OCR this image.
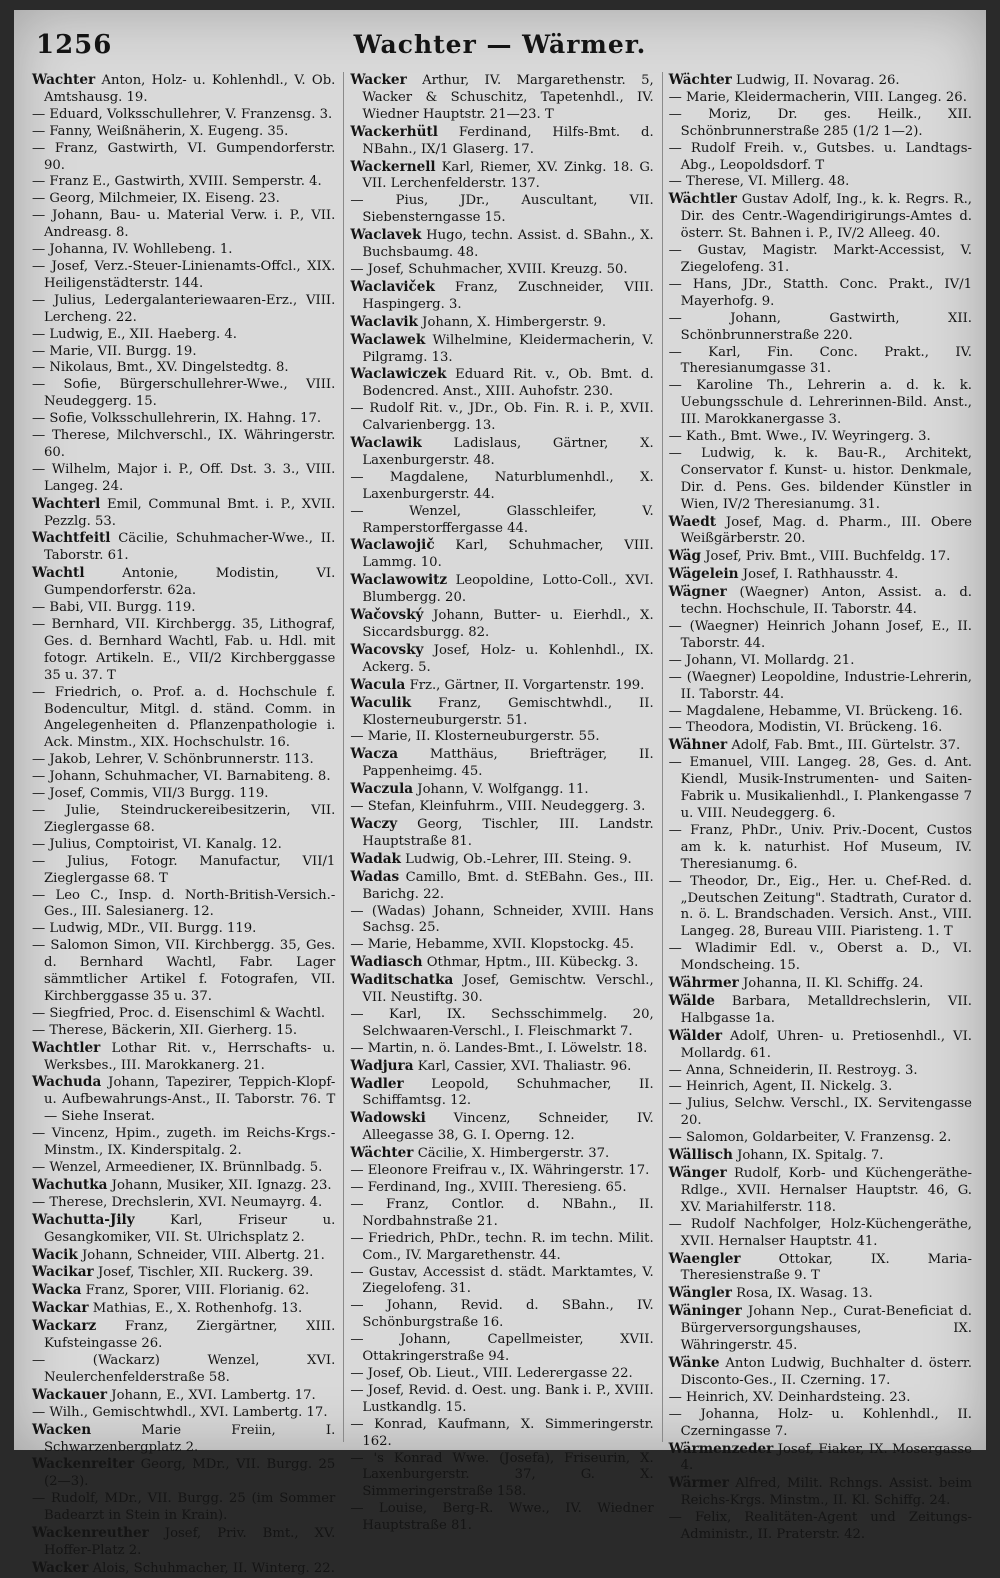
1256	Wachter — Wärmer.

Wachter Anton, Holz- u. Kohlenhdl., V. Ob. Amtshausg. 19.

— Eduard, Volksschullehrer, V. Franzensg. 3.

— Fanny, Weißnäherin, X. Eugeng. 35.

— Franz, Gastwirth, VI. Gumpendorferstr. 90.

— Franz E., Gastwirth, XVIII. Semperstr. 4.

— Georg, Milchmeier, IX. Eiseng. 23.

— Johann, Bau- u. Material Verw. i. P., VII. Andreasg. 8.

— Johanna, IV. Wohllebeng. 1.

— Josef, Verz.-Steuer-Linienamts-Offcl., XIX. Heiligenstädterstr. 144.

— Julius, Ledergalanteriewaaren-Erz., VIII. Lercheng. 22.

— Ludwig, E., XII. Haeberg. 4.

— Marie, VII. Burgg. 19.

— Nikolaus, Bmt., XV. Dingelstedtg. 8.

— Sofie, Bürgerschullehrer-Wwe., VIII. Neudeggerg. 15.

— Sofie, Volksschullehrerin, IX. Hahng. 17.

— Therese, Milchverschl., IX. Währingerstr. 60.

— Wilhelm, Major i. P., Off. Dst. 3. 3., VIII. Langeg. 24.

Wachterl Emil, Communal Bmt. i. P., XVII. Pezzlg. 53.

Wachtfeitl Cäcilie, Schuhmacher-Wwe., II. Taborstr. 61.

Wachtl	Antonie, Modistin, VI. Gumpendorferstr. 62a.

— Babi, VII. Burgg. 119.

— Bernhard, VII. Kirchbergg. 35, Lithograf, Ges. d. Bernhard Wachtl, Fab. u. Hdl. mit fotogr. Artikeln. E., VII/2 Kirchberggasse 35 u. 37. T

— Friedrich, o. Prof. a. d. Hochschule f. Bodencultur, Mitgl. d. ständ. Comm. in Angelegenheiten d. Pflanzenpathologie i. Ack. Minstm., XIX. Hochschulstr. 16.

— Jakob, Lehrer, V. Schönbrunnerstr. 113.

— Johann, Schuhmacher, VI. Barnabiteng. 8.

— Josef, Commis, VII/3 Burgg. 119.

— Julie, Steindruckereibesitzerin, VII. Zieglergasse 68.

— Julius, Comptoirist, VI. Kanalg. 12.

— Julius, Fotogr. Manufactur, VII/1 Zieglergasse 68. T

— Leo C., Insp. d. North-British-Versich.-Ges., III. Salesianerg. 12.

— Ludwig, MDr., VII. Burgg. 119.

— Salomon Simon, VII. Kirchbergg. 35, Ges. d. Bernhard Wachtl, Fabr. Lager sämmtlicher Artikel f. Fotografen, VII. Kirchberggasse 35 u. 37.

— Siegfried, Proc. d. Eisenschiml & Wachtl.

— Therese, Bäckerin, XII. Gierherg. 15.

Wachtler Lothar Rit. v., Herrschafts- u. Werksbes., III. Marokkanerg. 21.

Wachuda Johann, Tapezirer, Teppich-Klopf- u. Aufbewahrungs-Anst., II. Taborstr. 76. T — Siehe Inserat.

— Vincenz, Hpim., zugeth. im Reichs-Krgs.-Minstm., IX. Kinderspitalg. 2.

— Wenzel, Armeediener, IX. Brünnlbadg. 5.

Wachutka Johann, Musiker, XII. Ignazg. 23.

— Therese, Drechslerin, XVI. Neumayrg. 4.

Wachutta-Jily	Karl, Friseur u. Gesangkomiker, VII. St. Ulrichsplatz 2.

Wacik Johann, Schneider, VIII. Albertg. 21.

Wacikar Josef, Tischler, XII. Ruckerg. 39.

Wacka Franz, Sporer, VIII. Florianig. 62.

Wackar Mathias, E., X. Rothenhofg. 13.

Wackarz Franz, Ziergärtner, XIII. Kufsteingasse 26.

— (Wackarz) Wenzel, XVI. Neulerchenfelderstraße 58.

Wackauer Johann, E., XVI. Lambertg. 17.

— Wilh., Gemischtwhdl., XVI. Lambertg. 17.

Wacken	Marie Freiin, I. Schwarzenbergplatz 2.

Wackenreiter Georg, MDr., VII. Burgg. 25 (2—3).

— Rudolf, MDr., VII. Burgg. 25 (im Sommer Badearzt in Stein in Krain).

Wackenreuther Josef, Priv. Bmt., XV. Hoffer-Platz 2.

Wacker Alois, Schuhmacher, II. Winterg. 22.

Wacker Arthur, IV. Margarethenstr. 5, Wacker & Schuschitz, Tapetenhdl., IV. Wiedner Hauptstr. 21—23. T

Wackerhütl Ferdinand, Hilfs-Bmt. d. NBahn., IX/1 Glaserg. 17.

Wackernell Karl, Riemer, XV. Zinkg. 18. G. VII. Lerchenfelderstr. 137.

— Pius, JDr., Auscultant, VII. Siebensterngasse 15.

Waclavek Hugo, techn. Assist. d. SBahn., X. Buchsbaumg. 48.

— Josef, Schuhmacher, XVIII. Kreuzg. 50.

Waclaviček Franz, Zuschneider, VIII. Haspingerg. 3.

Waclavik Johann, X. Himbergerstr. 9.

Waclawek Wilhelmine, Kleidermacherin, V. Pilgramg. 13.

Waclawiczek Eduard Rit. v., Ob. Bmt. d. Bodencred. Anst., XIII. Auhofstr. 230.

— Rudolf Rit. v., JDr., Ob. Fin. R. i. P., XVII. Calvarienbergg. 13.

Waclawik Ladislaus, Gärtner, X. Laxenburgerstr. 48.

— Magdalene, Naturblumenhdl., X. Laxenburgerstr. 44.

— Wenzel, Glasschleifer, V. Ramperstorffergasse 44.

Waclawojič Karl, Schuhmacher, VIII. Lammg. 10.

Waclawowitz Leopoldine, Lotto-Coll., XVI. Blumbergg. 20.

Wačovský Johann, Butter- u. Eierhdl., X. Siccardsburgg. 82.

Wacovsky Josef, Holz- u. Kohlenhdl., IX. Ackerg. 5.

Wacula Frz., Gärtner, II. Vorgartenstr. 199.

Waculik Franz, Gemischtwhdl., II. Klosterneuburgerstr. 51.

— Marie, II. Klosterneuburgerstr. 55.

Wacza Matthäus, Briefträger, II. Pappenheimg. 45.

Waczula Johann, V. Wolfgangg. 11.

— Stefan, Kleinfuhrm., VIII. Neudeggerg. 3.

Waczy Georg, Tischler, III. Landstr. Hauptstraße 81.

Wadak Ludwig, Ob.-Lehrer, III. Steing. 9.

Wadas Camillo, Bmt. d. StEBahn. Ges., III. Barichg. 22.

— (Wadas) Johann, Schneider, XVIII. Hans Sachsg. 25.

— Marie, Hebamme, XVII. Klopstockg. 45.

Wadiasch Othmar, Hptm., III. Kübeckg. 3.

Waditschatka Josef, Gemischtw. Verschl., VII. Neustiftg. 30.

— Karl, IX. Sechsschimmelg. 20, Selchwaaren-Verschl., I. Fleischmarkt 7.

— Martin, n. ö. Landes-Bmt., I. Löwelstr. 18.

Wadjura Karl, Cassier, XVI. Thaliastr. 96.

Wadler Leopold, Schuhmacher, II. Schiffamtsg. 12.

Wadowski Vincenz, Schneider, IV. Alleegasse 38, G. I. Operng. 12.

Wächter Cäcilie, X. Himbergerstr. 37.

— Eleonore Freifrau v., IX. Währingerstr. 17.

— Ferdinand, Ing., XVIII. Theresieng. 65.

— Franz, Contlor. d. NBahn., II. Nordbahnstraße 21.

— Friedrich, PhDr., techn. R. im techn. Milit. Com., IV. Margarethenstr. 44.

— Gustav, Accessist d. städt. Marktamtes, V. Ziegelofeng. 31.

— Johann, Revid. d. SBahn., IV. Schönburgstraße 16.

— Johann, Capellmeister, XVII. Ottakringerstraße 94.

— Josef, Ob. Lieut., VIII. Lederergasse 22.

— Josef, Revid. d. Oest. ung. Bank i. P., XVIII. Lustkandlg. 15.

— Konrad, Kaufmann, X. Simmeringerstr. 162.

— 's Konrad Wwe. (Josefa), Friseurin, X. Laxenburgerstr. 37, G. X. Simmeringerstraße 158.

— Louise, Berg-R. Wwe., IV. Wiedner Hauptstraße 81.

Wächter Ludwig, II. Novarag. 26.

— Marie, Kleidermacherin, VIII. Langeg. 26.

— Moriz, Dr. ges. Heilk., XII. Schönbrunnerstraße 285 (1/2 1—2).

— Rudolf Freih. v., Gutsbes. u. Landtags-Abg., Leopoldsdorf. T

— Therese, VI. Millerg. 48.

Wächtler Gustav Adolf, Ing., k. k. Regrs. R., Dir. des Centr.-Wagendirigirungs-Amtes d. österr. St. Bahnen i. P., IV/2 Alleeg. 40.

— Gustav, Magistr. Markt-Accessist, V. Ziegelofeng. 31.

— Hans, JDr., Statth. Conc. Prakt., IV/1 Mayerhofg. 9.

— Johann, Gastwirth, XII. Schönbrunnerstraße 220.

— Karl, Fin. Conc. Prakt., IV. Theresianumgasse 31.

— Karoline Th., Lehrerin a. d. k. k. Uebungsschule d. Lehrerinnen-Bild. Anst., III. Marokkanergasse 3.

— Kath., Bmt. Wwe., IV. Weyringerg. 3.

— Ludwig, k. k. Bau-R., Architekt, Conservator f. Kunst- u. histor. Denkmale, Dir. d. Pens. Ges. bildender Künstler in Wien, IV/2 Theresianumg. 31.

Waedt Josef, Mag. d. Pharm., III. Obere Weißgärberstr. 20.

Wäg Josef, Priv. Bmt., VIII. Buchfeldg. 17.

Wägelein Josef, I. Rathhausstr. 4.

Wägner (Waegner) Anton, Assist. a. d. techn. Hochschule, II. Taborstr. 44.

— (Waegner) Heinrich Johann Josef, E., II. Taborstr. 44.

— Johann, VI. Mollardg. 21.

— (Waegner) Leopoldine, Industrie-Lehrerin, II. Taborstr. 44.

— Magdalene, Hebamme, VI. Brückeng. 16.

— Theodora, Modistin, VI. Brückeng. 16.

Wähner Adolf, Fab. Bmt., III. Gürtelstr. 37.

— Emanuel, VIII. Langeg. 28, Ges. d. Ant. Kiendl, Musik-Instrumenten- und Saiten-Fabrik u. Musikalienhdl., I. Plankengasse 7 u. VIII. Neudeggerg. 6.

— Franz, PhDr., Univ. Priv.-Docent, Custos am k. k. naturhist. Hof Museum, IV. Theresianumg. 6.

— Theodor, Dr., Eig., Her. u. Chef-Red. d. „Deutschen Zeitung". Stadtrath, Curator d. n. ö. L. Brandschaden. Versich. Anst., VIII. Langeg. 28, Bureau VIII. Piaristeng. 1. T

— Wladimir Edl. v., Oberst a. D., VI. Mondscheing. 15.

Währmer Johanna, II. Kl. Schiffg. 24.

Wälde Barbara, Metalldrechslerin, VII. Halbgasse 1a.

Wälder Adolf, Uhren- u. Pretiosenhdl., VI. Mollardg. 61.

— Anna, Schneiderin, II. Restroyg. 3.

— Heinrich, Agent, II. Nickelg. 3.

— Julius, Selchw. Verschl., IX. Servitengasse 20.

— Salomon, Goldarbeiter, V. Franzensg. 2.

Wällisch Johann, IX. Spitalg. 7.

Wänger Rudolf, Korb- und Küchengeräthe-Rdlge., XVII. Hernalser Hauptstr. 46, G. XV. Mariahilferstr. 118.

— Rudolf Nachfolger, Holz-Küchengeräthe, XVII. Hernalser Hauptstr. 41.

Waengler	Ottokar, IX. Maria-Theresienstraße 9. T

Wängler Rosa, IX. Wasag. 13.

Wäninger Johann Nep., Curat-Beneficiat d. Bürgerversorgungshauses, IX. Währingerstr. 45.

Wänke Anton Ludwig, Buchhalter d. österr. Disconto-Ges., II. Czerning. 17.

— Heinrich, XV. Deinhardsteing. 23.

— Johanna, Holz- u. Kohlenhdl., II. Czerningasse 7.

Wärmenzeder Josef, Fiaker, IX. Mosergasse 4.

Wärmer Alfred, Milit. Rchngs. Assist. beim Reichs-Krgs. Minstm., II. Kl. Schiffg. 24.

— Felix, Realitäten-Agent und Zeitungs-Administr., II. Praterstr. 42.
